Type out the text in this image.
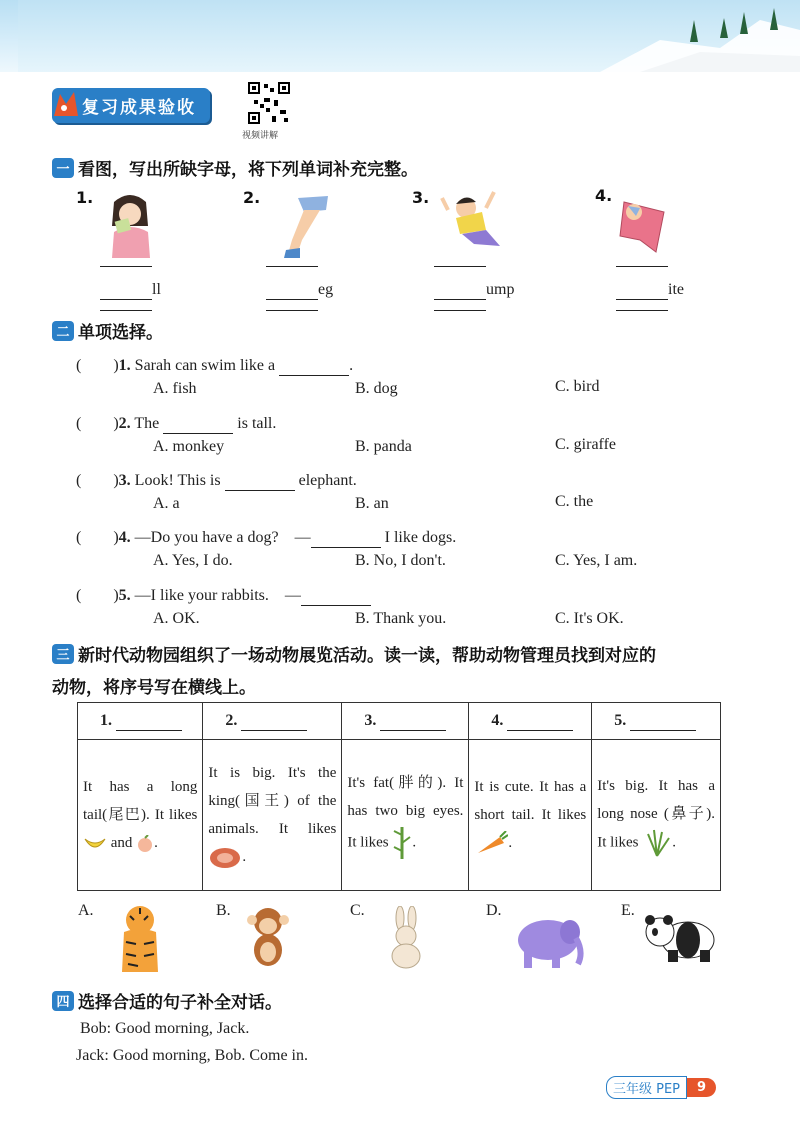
复习成果验收
视频讲解
一 看图，写出所缺字母，将下列单词补充完整。
1.
ll
2.
eg
3.
ump
4.
ite
二 单项选择。
(　　)1. Sarah can swim like a	.
A. fish	B. dog	C. bird
(　　)2. The	is tall.
A. monkey	B. panda	C. giraffe
(　　)3. Look! This is	elephant.
A. a	B. an	C. the
(　　)4. —Do you have a dog?　—	I like dogs.
A. Yes, I do.	B. No, I don't.	C. Yes, I am.
(　　)5. —I like your rabbits.　—
A. OK.	B. Thank you.	C. It's OK.
三 新时代动物园组织了一场动物展览活动。读一读，帮助动物管理员找到对应的
动物，将序号写在横线上。
1.	2.	3.	4.	5.
It has a long tail(尾巴). It likes  and .	It is big. It's the king(国王) of the animals. It likes .	It's fat(胖的). It has two big eyes. It likes .	It is cute. It has a short tail. It likes .	It's big. It has a long nose (鼻子). It likes .
A.	B.	C.	D.	E.
四 选择合适的句子补全对话。
Bob: Good morning, Jack.
Jack: Good morning, Bob. Come in.
三年级 PEP	9
